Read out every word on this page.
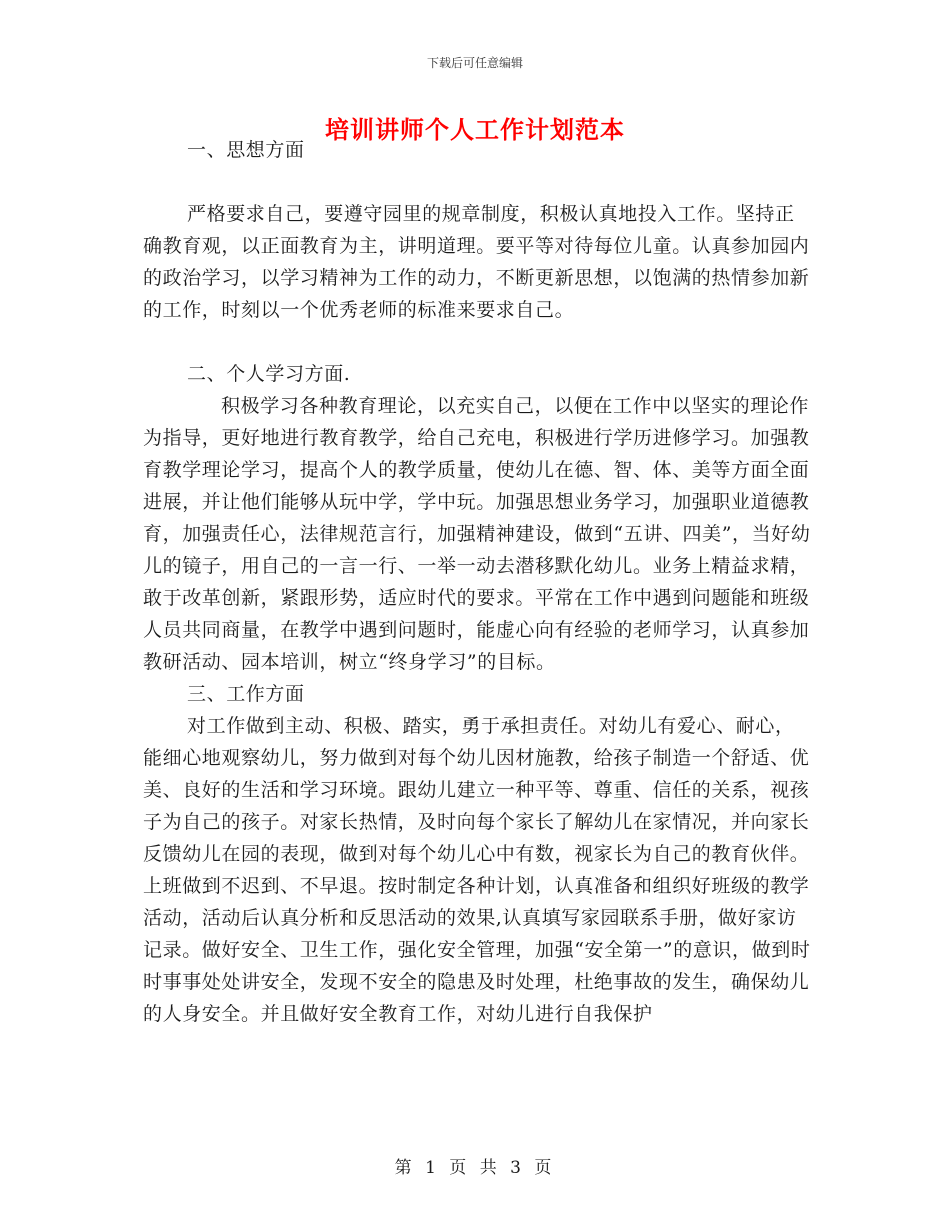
下载后可任意编辑
培训讲师个人工作计划范本

一、思想方面

严格要求自己，要遵守园里的规章制度，积极认真地投入工作。坚持正确教育观，以正面教育为主，讲明道理。要平等对待每位儿童。认真参加园内的政治学习，以学习精神为工作的动力，不断更新思想，以饱满的热情参加新的工作，时刻以一个优秀老师的标准来要求自己。

二、个人学习方面.

积极学习各种教育理论，以充实自己，以便在工作中以坚实的理论作为指导，更好地进行教育教学，给自己充电，积极进行学历进修学习。加强教育教学理论学习，提高个人的教学质量，使幼儿在德、智、体、美等方面全面进展，并让他们能够从玩中学，学中玩。加强思想业务学习，加强职业道德教育，加强责任心，法律规范言行，加强精神建设，做到“五讲、四美”，当好幼儿的镜子，用自己的一言一行、一举一动去潜移默化幼儿。业务上精益求精，敢于改革创新，紧跟形势，适应时代的要求。平常在工作中遇到问题能和班级人员共同商量，在教学中遇到问题时，能虚心向有经验的老师学习，认真参加教研活动、园本培训，树立“终身学习”的目标。

三、工作方面

对工作做到主动、积极、踏实，勇于承担责任。对幼儿有爱心、耐心，能细心地观察幼儿，努力做到对每个幼儿因材施教，给孩子制造一个舒适、优美、良好的生活和学习环境。跟幼儿建立一种平等、尊重、信任的关系，视孩子为自己的孩子。对家长热情，及时向每个家长了解幼儿在家情况，并向家长反馈幼儿在园的表现，做到对每个幼儿心中有数，视家长为自己的教育伙伴。上班做到不迟到、不早退。按时制定各种计划，认真准备和组织好班级的教学活动，活动后认真分析和反思活动的效果,认真填写家园联系手册，做好家访记录。做好安全、卫生工作，强化安全管理，加强“安全第一”的意识，做到时时事事处处讲安全，发现不安全的隐患及时处理，杜绝事故的发生，确保幼儿的人身安全。并且做好安全教育工作，对幼儿进行自我保护

第 1 页 共 3 页
